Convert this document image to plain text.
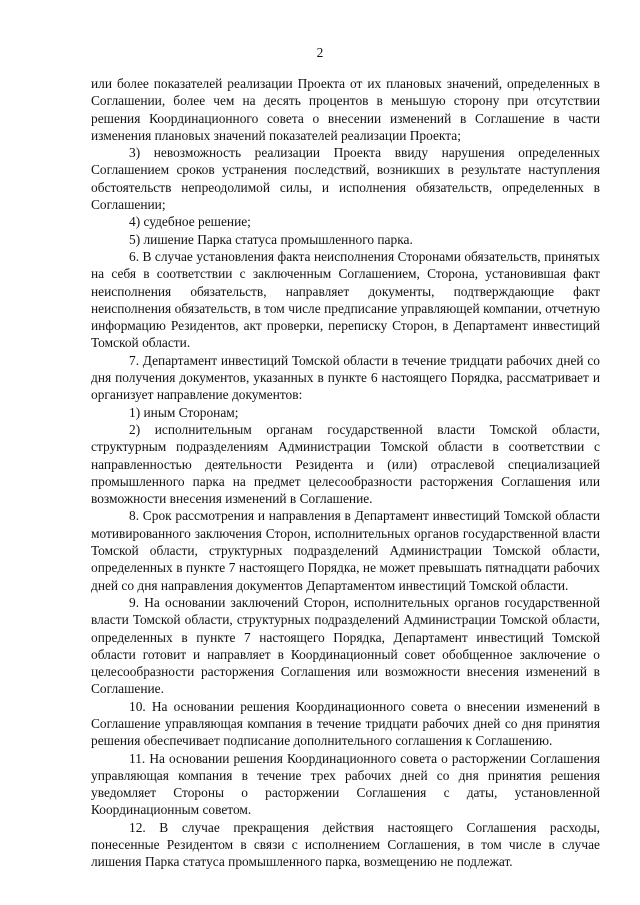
2

или более показателей реализации Проекта от их плановых значений, определенных в Соглашении, более чем на десять процентов в меньшую сторону при отсутствии решения Координационного совета о внесении изменений в Соглашение в части изменения плановых значений показателей реализации Проекта;

3) невозможность реализации Проекта ввиду нарушения определенных Соглашением сроков устранения последствий, возникших в результате наступления обстоятельств непреодолимой силы, и исполнения обязательств, определенных в Соглашении;

4) судебное решение;

5) лишение Парка статуса промышленного парка.

6. В случае установления факта неисполнения Сторонами обязательств, принятых на себя в соответствии с заключенным Соглашением, Сторона, установившая факт неисполнения обязательств, направляет документы, подтверждающие факт неисполнения обязательств, в том числе предписание управляющей компании, отчетную информацию Резидентов, акт проверки, переписку Сторон, в Департамент инвестиций Томской области.

7. Департамент инвестиций Томской области в течение тридцати рабочих дней со дня получения документов, указанных в пункте 6 настоящего Порядка, рассматривает и организует направление документов:

1) иным Сторонам;

2) исполнительным органам государственной власти Томской области, структурным подразделениям Администрации Томской области в соответствии с направленностью деятельности Резидента и (или) отраслевой специализацией промышленного парка на предмет целесообразности расторжения Соглашения или возможности внесения изменений в Соглашение.

8. Срок рассмотрения и направления в Департамент инвестиций Томской области мотивированного заключения Сторон, исполнительных органов государственной власти Томской области, структурных подразделений Администрации Томской области, определенных в пункте 7 настоящего Порядка, не может превышать пятнадцати рабочих дней со дня направления документов Департаментом инвестиций Томской области.

9. На основании заключений Сторон, исполнительных органов государственной власти Томской области, структурных подразделений Администрации Томской области, определенных в пункте 7 настоящего Порядка, Департамент инвестиций Томской области готовит и направляет в Координационный совет обобщенное заключение о целесообразности расторжения Соглашения или возможности внесения изменений в Соглашение.

10. На основании решения Координационного совета о внесении изменений в Соглашение управляющая компания в течение тридцати рабочих дней со дня принятия решения обеспечивает подписание дополнительного соглашения к Соглашению.

11. На основании решения Координационного совета о расторжении Соглашения управляющая компания в течение трех рабочих дней со дня принятия решения уведомляет Стороны о расторжении Соглашения с даты, установленной Координационным советом.

12. В случае прекращения действия настоящего Соглашения расходы, понесенные Резидентом в связи с исполнением Соглашения, в том числе в случае лишения Парка статуса промышленного парка, возмещению не подлежат.
